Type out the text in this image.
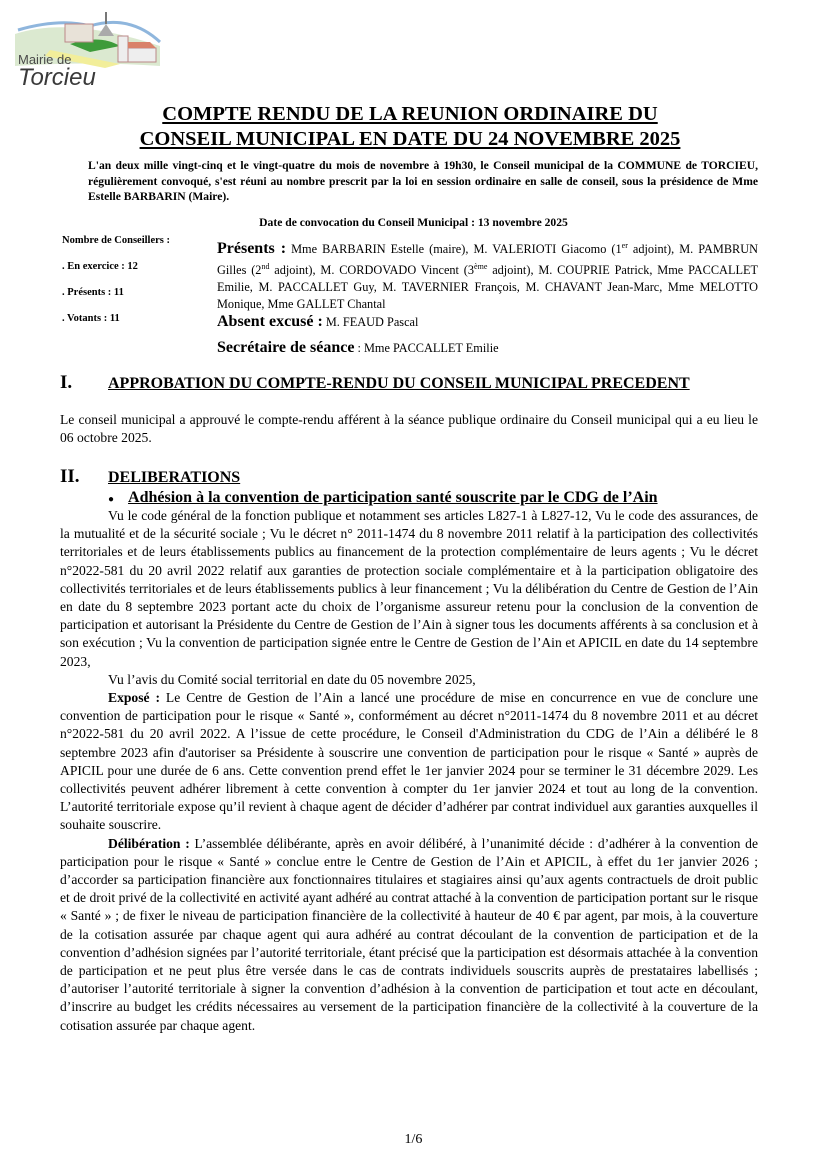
Mairie de
Torcieu
COMPTE RENDU DE LA REUNION ORDINAIRE DU
CONSEIL MUNICIPAL EN DATE DU 24 NOVEMBRE 2025
L'an deux mille vingt-cinq et le vingt-quatre du mois de novembre à 19h30, le Conseil municipal de la COMMUNE de TORCIEU, régulièrement convoqué, s'est réuni au nombre prescrit par la loi en session ordinaire en salle de conseil, sous la présidence de Mme Estelle BARBARIN (Maire).
Date de convocation du Conseil Municipal : 13 novembre 2025
Nombre de Conseillers :
. En exercice : 12
. Présents : 11
. Votants : 11
Présents : Mme BARBARIN Estelle (maire), M. VALERIOTI Giacomo (1er adjoint), M. PAMBRUN Gilles (2nd adjoint), M. CORDOVADO Vincent (3ème adjoint), M. COUPRIE Patrick, Mme PACCALLET Emilie, M. PACCALLET Guy, M. TAVERNIER François, M. CHAVANT Jean-Marc, Mme MELOTTO Monique, Mme GALLET Chantal
Absent excusé : M. FEAUD Pascal
Secrétaire de séance : Mme PACCALLET Emilie
I. APPROBATION DU COMPTE-RENDU DU CONSEIL MUNICIPAL PRECEDENT
Le conseil municipal a approuvé le compte-rendu afférent à la séance publique ordinaire du Conseil municipal qui a eu lieu le 06 octobre 2025.
II. DELIBERATIONS
● Adhésion à la convention de participation santé souscrite par le CDG de l’Ain
Vu le code général de la fonction publique et notamment ses articles L827-1 à L827-12, Vu le code des assurances, de la mutualité et de la sécurité sociale ; Vu le décret n° 2011-1474 du 8 novembre 2011 relatif à la participation des collectivités territoriales et de leurs établissements publics au financement de la protection complémentaire de leurs agents ; Vu le décret n°2022-581 du 20 avril 2022 relatif aux garanties de protection sociale complémentaire et à la participation obligatoire des collectivités territoriales et de leurs établissements publics à leur financement ; Vu la délibération du Centre de Gestion de l’Ain en date du 8 septembre 2023 portant acte du choix de l’organisme assureur retenu pour la conclusion de la convention de participation et autorisant la Présidente du Centre de Gestion de l’Ain à signer tous les documents afférents à sa conclusion et à son exécution ; Vu la convention de participation signée entre le Centre de Gestion de l’Ain et APICIL en date du 14 septembre 2023,
Vu l’avis du Comité social territorial en date du 05 novembre 2025,
Exposé : Le Centre de Gestion de l’Ain a lancé une procédure de mise en concurrence en vue de conclure une convention de participation pour le risque « Santé », conformément au décret n°2011-1474 du 8 novembre 2011 et au décret n°2022-581 du 20 avril 2022. A l’issue de cette procédure, le Conseil d'Administration du CDG de l’Ain a délibéré le 8 septembre 2023 afin d'autoriser sa Présidente à souscrire une convention de participation pour le risque « Santé » auprès de APICIL pour une durée de 6 ans. Cette convention prend effet le 1er janvier 2024 pour se terminer le 31 décembre 2029. Les collectivités peuvent adhérer librement à cette convention à compter du 1er janvier 2024 et tout au long de la convention. L’autorité territoriale expose qu’il revient à chaque agent de décider d’adhérer par contrat individuel aux garanties auxquelles il souhaite souscrire.
Délibération : L’assemblée délibérante, après en avoir délibéré, à l’unanimité décide : d’adhérer à la convention de participation pour le risque « Santé » conclue entre le Centre de Gestion de l’Ain et APICIL, à effet du 1er janvier 2026 ; d’accorder sa participation financière aux fonctionnaires titulaires et stagiaires ainsi qu’aux agents contractuels de droit public et de droit privé de la collectivité en activité ayant adhéré au contrat attaché à la convention de participation portant sur le risque « Santé » ; de fixer le niveau de participation financière de la collectivité à hauteur de 40 € par agent, par mois, à la couverture de la cotisation assurée par chaque agent qui aura adhéré au contrat découlant de la convention de participation et de la convention d’adhésion signées par l’autorité territoriale, étant précisé que la participation est désormais attachée à la convention de participation et ne peut plus être versée dans le cas de contrats individuels souscrits auprès de prestataires labellisés ; d’autoriser l’autorité territoriale à signer la convention d’adhésion à la convention de participation et tout acte en découlant, d’inscrire au budget les crédits nécessaires au versement de la participation financière de la collectivité à la couverture de la cotisation assurée par chaque agent.
1/6
